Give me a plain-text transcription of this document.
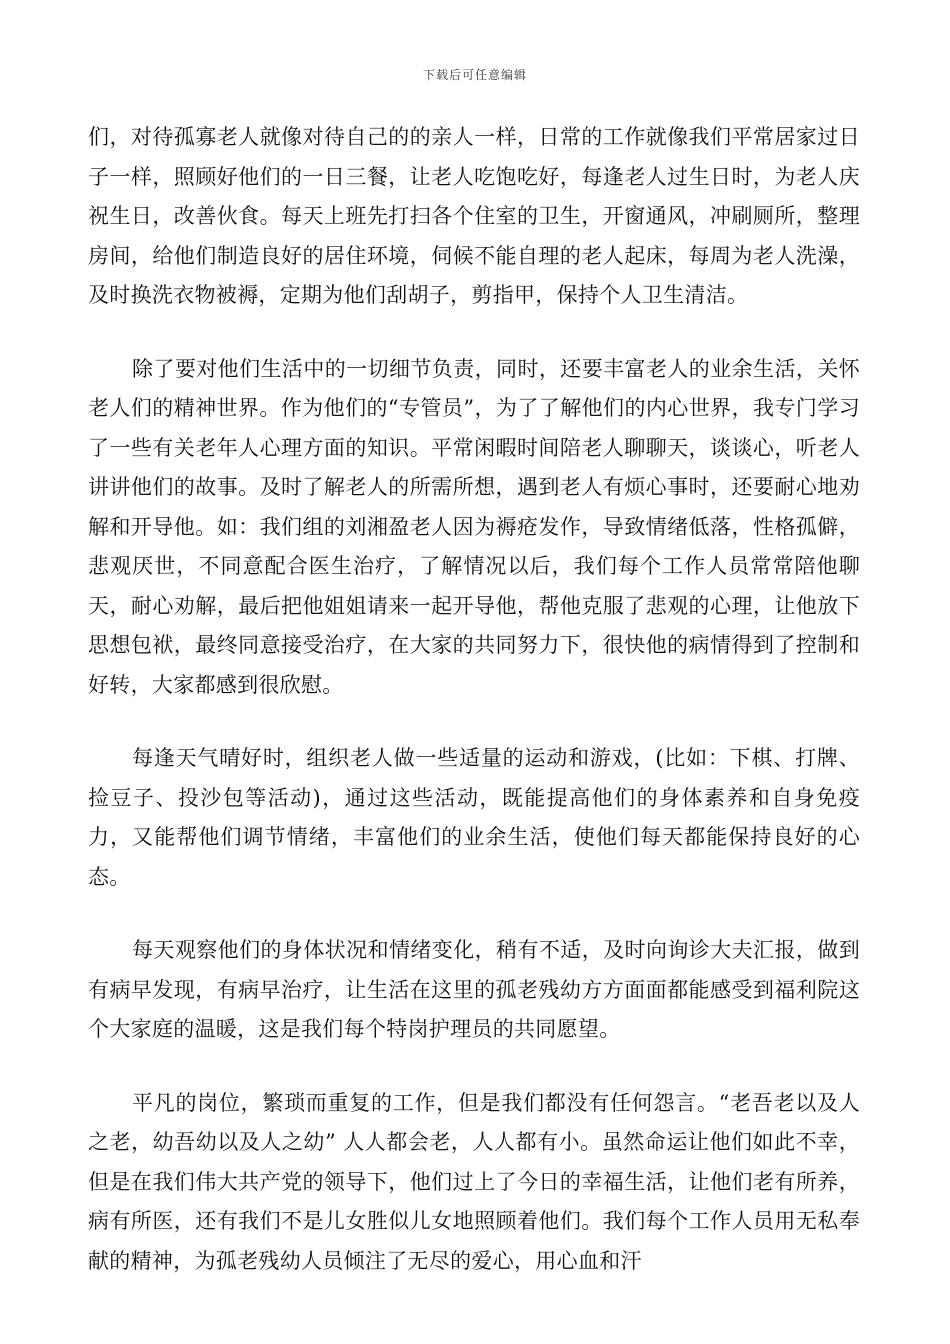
下载后可任意编辑

们，对待孤寡老人就像对待自己的的亲人一样，日常的工作就像我们平常居家过日子一样，照顾好他们的一日三餐，让老人吃饱吃好，每逢老人过生日时，为老人庆祝生日，改善伙食。每天上班先打扫各个住室的卫生，开窗通风，冲刷厕所，整理房间，给他们制造良好的居住环境，伺候不能自理的老人起床，每周为老人洗澡，及时换洗衣物被褥，定期为他们刮胡子，剪指甲，保持个人卫生清洁。

除了要对他们生活中的一切细节负责，同时，还要丰富老人的业余生活，关怀老人们的精神世界。作为他们的“专管员”，为了了解他们的内心世界，我专门学习了一些有关老年人心理方面的知识。平常闲暇时间陪老人聊聊天，谈谈心，听老人讲讲他们的故事。及时了解老人的所需所想，遇到老人有烦心事时，还要耐心地劝解和开导他。如：我们组的刘湘盈老人因为褥疮发作，导致情绪低落，性格孤僻，悲观厌世，不同意配合医生治疗，了解情况以后，我们每个工作人员常常陪他聊天，耐心劝解，最后把他姐姐请来一起开导他，帮他克服了悲观的心理，让他放下思想包袱，最终同意接受治疗，在大家的共同努力下，很快他的病情得到了控制和好转，大家都感到很欣慰。

每逢天气晴好时，组织老人做一些适量的运动和游戏，(比如：下棋、打牌、捡豆子、投沙包等活动)，通过这些活动，既能提高他们的身体素养和自身免疫力，又能帮他们调节情绪，丰富他们的业余生活，使他们每天都能保持良好的心态。

每天观察他们的身体状况和情绪变化，稍有不适，及时向询诊大夫汇报，做到有病早发现，有病早治疗，让生活在这里的孤老残幼方方面面都能感受到福利院这个大家庭的温暖，这是我们每个特岗护理员的共同愿望。

平凡的岗位，繁琐而重复的工作，但是我们都没有任何怨言。“老吾老以及人之老，幼吾幼以及人之幼” 人人都会老，人人都有小。虽然命运让他们如此不幸，但是在我们伟大共产党的领导下，他们过上了今日的幸福生活，让他们老有所养，病有所医，还有我们不是儿女胜似儿女地照顾着他们。我们每个工作人员用无私奉献的精神，为孤老残幼人员倾注了无尽的爱心，用心血和汗
